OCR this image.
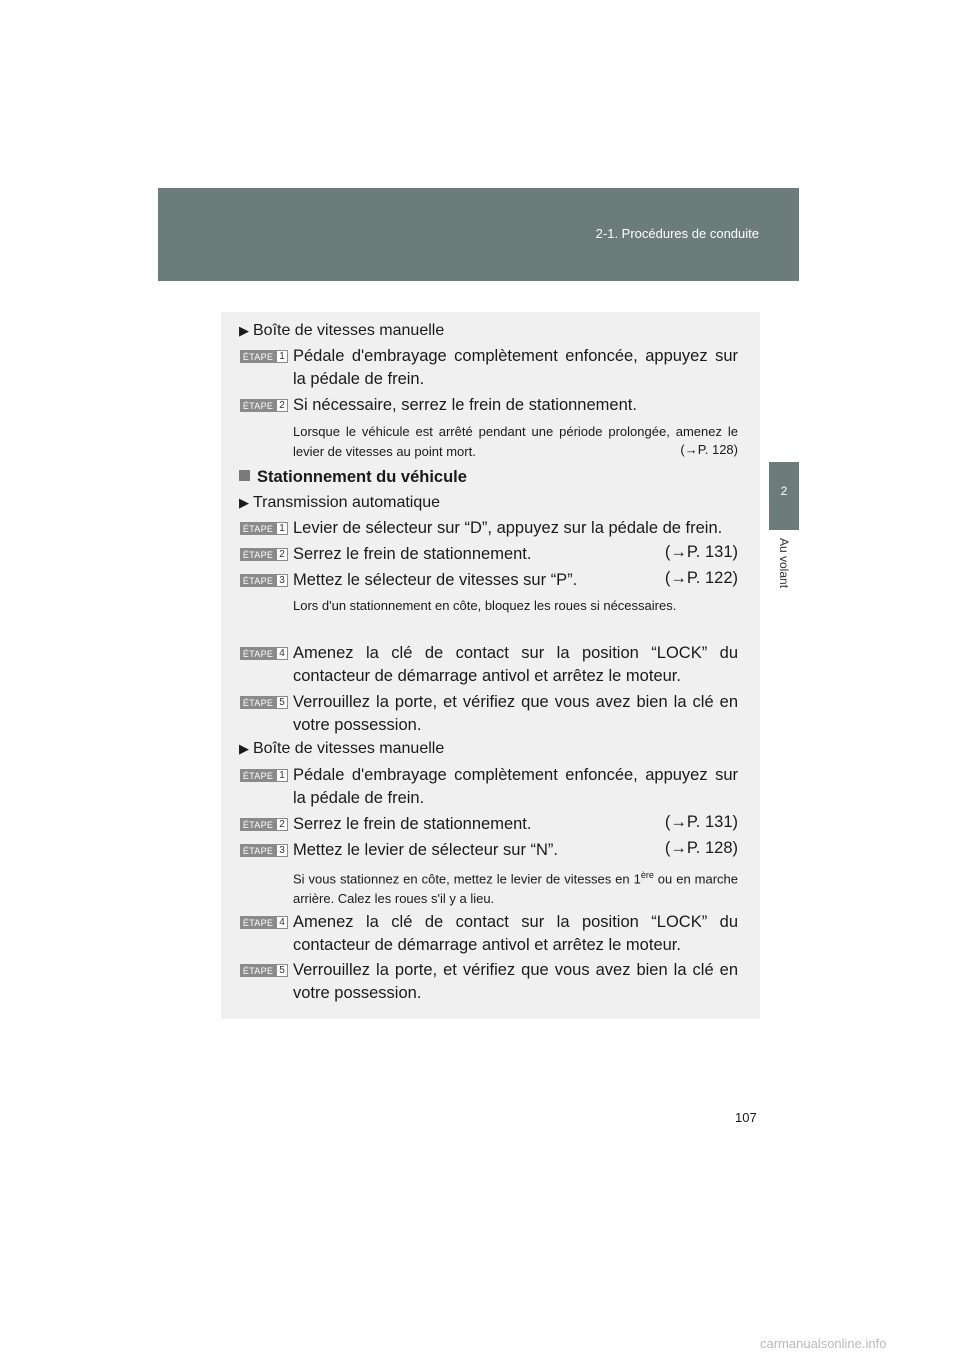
2-1. Procédures de conduite
2
Au volant
▶ Boîte de vitesses manuelle
ÉTAPE 1 Pédale d'embrayage complètement enfoncée, appuyez sur la pédale de frein.
ÉTAPE 2 Si nécessaire, serrez le frein de stationnement.
Lorsque le véhicule est arrêté pendant une période prolongée, amenez le levier de vitesses au point mort.	(→P. 128)
Stationnement du véhicule
▶ Transmission automatique
ÉTAPE 1 Levier de sélecteur sur “D”, appuyez sur la pédale de frein.
ÉTAPE 2 Serrez le frein de stationnement.	(→P. 131)
ÉTAPE 3 Mettez le sélecteur de vitesses sur “P”.	(→P. 122)
Lors d'un stationnement en côte, bloquez les roues si nécessaires.
ÉTAPE 4 Amenez la clé de contact sur la position “LOCK” du contacteur de démarrage antivol et arrêtez le moteur.
ÉTAPE 5 Verrouillez la porte, et vérifiez que vous avez bien la clé en votre possession.
▶ Boîte de vitesses manuelle
ÉTAPE 1 Pédale d'embrayage complètement enfoncée, appuyez sur la pédale de frein.
ÉTAPE 2 Serrez le frein de stationnement.	(→P. 131)
ÉTAPE 3 Mettez le levier de sélecteur sur “N”.	(→P. 128)
Si vous stationnez en côte, mettez le levier de vitesses en 1ère ou en marche arrière. Calez les roues s'il y a lieu.
ÉTAPE 4 Amenez la clé de contact sur la position “LOCK” du contacteur de démarrage antivol et arrêtez le moteur.
ÉTAPE 5 Verrouillez la porte, et vérifiez que vous avez bien la clé en votre possession.
107
carmanualsonline.info
